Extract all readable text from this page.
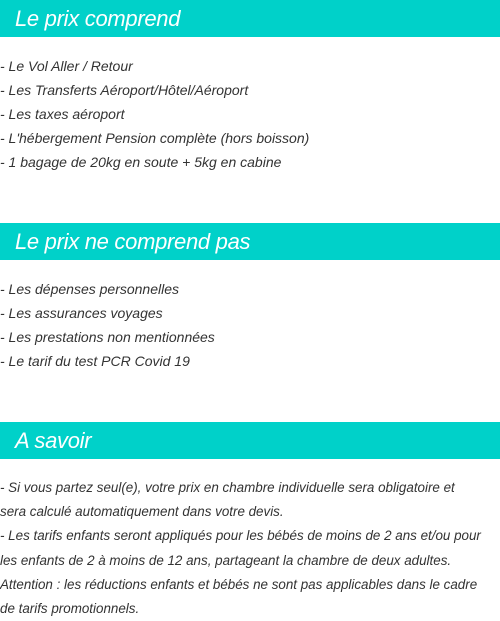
Le prix comprend
- Le Vol Aller / Retour
- Les Transferts Aéroport/Hôtel/Aéroport
- Les taxes aéroport
- L'hébergement Pension complète (hors boisson)
- 1 bagage de 20kg en soute + 5kg en cabine
Le prix ne comprend pas
- Les dépenses personnelles
- Les assurances voyages
- Les prestations non mentionnées
- Le tarif du test PCR Covid 19
A savoir
- Si vous partez seul(e), votre prix en chambre individuelle sera obligatoire et
sera calculé automatiquement dans votre devis.
- Les tarifs enfants seront appliqués pour les bébés de moins de 2 ans et/ou pour
les enfants de 2 à moins de 12 ans, partageant la chambre de deux adultes.
Attention : les réductions enfants et bébés ne sont pas applicables dans le cadre
de tarifs promotionnels.
